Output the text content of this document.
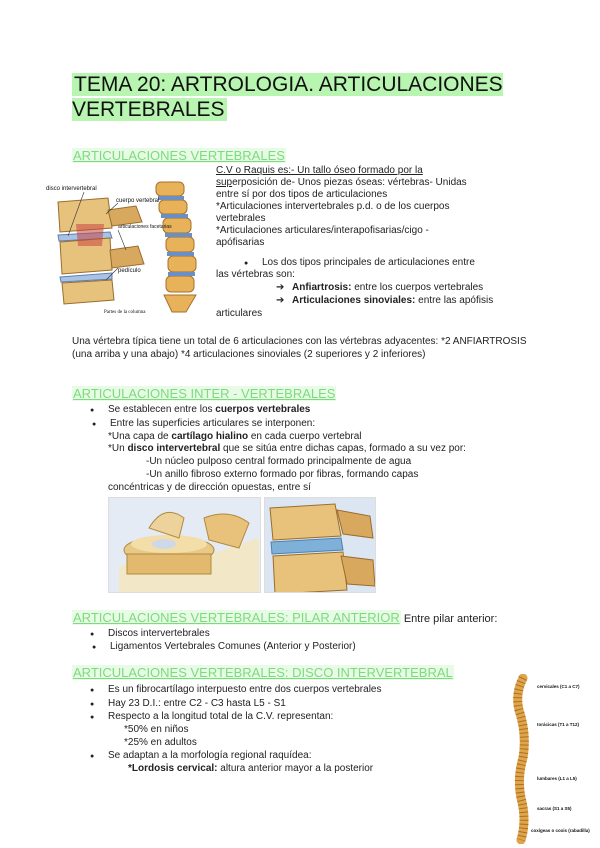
TEMA 20: ARTROLOGIA. ARTICULACIONES VERTEBRALES
ARTICULACIONES VERTEBRALES
disco intervertebral
cuerpo vertebral
articulaciones facetarias
pedículo
Partes de la columna
C.V o Raquis es:- Un tallo óseo formado por la
superposición de- Unos piezas óseas: vértebras- Unidas
entre sí por dos tipos de articulaciones
*Articulaciones intervertebrales p.d. o de los cuerpos
vertebrales
*Articulaciones articulares/interapofisarias/cigo -
apófisarias
● Los dos tipos principales de articulaciones entre
las vértebras son:
➔ Anfiartrosis: entre los cuerpos vertebrales
➔ Articulaciones sinoviales: entre las apófisis
articulares
Una vértebra típica tiene un total de 6 articulaciones con las vértebras adyacentes: *2 ANFIARTROSIS (una arriba y una abajo) *4 articulaciones sinoviales (2 superiores y 2 inferiores)
ARTICULACIONES INTER - VERTEBRALES
● Se establecen entre los cuerpos vertebrales
● Entre las superficies articulares se interponen:
*Una capa de cartílago hialino en cada cuerpo vertebral
*Un disco intervertebral que se sitúa entre dichas capas, formado a su vez por:
-Un núcleo pulposo central formado principalmente de agua
-Un anillo fibroso externo formado por fibras, formando capas
concéntricas y de dirección opuestas, entre sí
ARTICULACIONES VERTEBRALES: PILAR ANTERIOR Entre pilar anterior:
● Discos intervertebrales
● Ligamentos Vertebrales Comunes (Anterior y Posterior)
ARTICULACIONES VERTEBRALES: DISCO INTERVERTEBRAL
● Es un fibrocartílago interpuesto entre dos cuerpos vertebrales
● Hay 23 D.I.: entre C2 - C3 hasta L5 - S1
● Respecto a la longitud total de la C.V. representan:
*50% en niños
*25% en adultos
● Se adaptan a la morfología regional raquídea:
*Lordosis cervical: altura anterior mayor a la posterior
cervicales (C1 a C7)
torácicas (T1 a T12)
lumbares (L1 a L5)
sacras (S1 a S5)
coxígeas o coxis (rabadilla)
